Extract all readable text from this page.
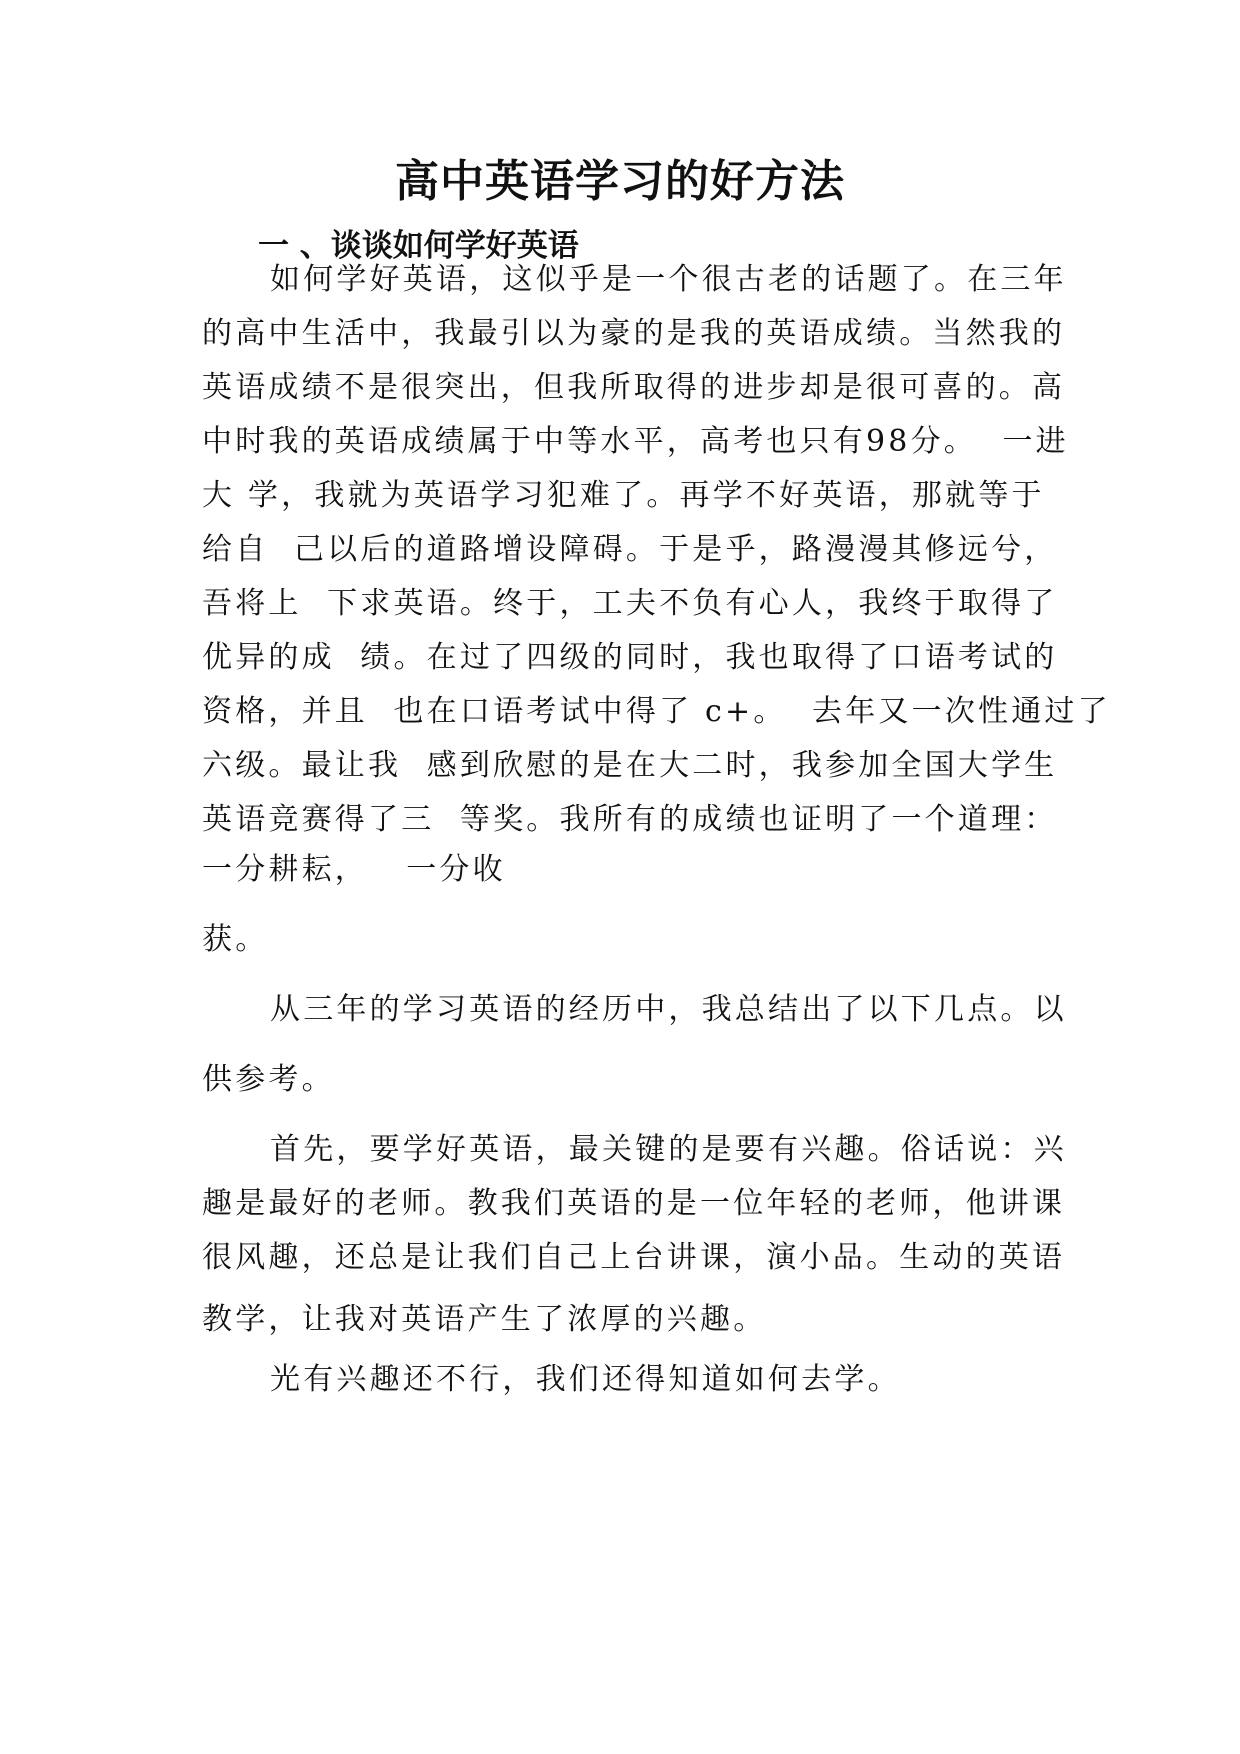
高中英语学习的好方法
一 、谈谈如何学好英语

如何学好英语，这似乎是一个很古老的话题了。在三年

的高中生活中，我最引以为豪的是我的英语成绩。当然我的

英语成绩不是很突出，但我所取得的进步却是很可喜的。高

中时我的英语成绩属于中等水平，高考也只有98分。  一进

大 学，我就为英语学习犯难了。再学不好英语，那就等于

给自  己以后的道路增设障碍。于是乎，路漫漫其修远兮，

吾将上  下求英语。终于，工夫不负有心人，我终于取得了

优异的成  绩。在过了四级的同时，我也取得了口语考试的

资格，并且  也在口语考试中得了 c+。  去年又一次性通过了

六级。最让我  感到欣慰的是在大二时，我参加全国大学生

英语竞赛得了三  等奖。我所有的成绩也证明了一个道理：

一分耕耘，   一分收

获。

从三年的学习英语的经历中，我总结出了以下几点。以

供参考。

首先，要学好英语，最关键的是要有兴趣。俗话说：兴

趣是最好的老师。教我们英语的是一位年轻的老师，他讲课

很风趣，还总是让我们自己上台讲课，演小品。生动的英语

教学，让我对英语产生了浓厚的兴趣。

光有兴趣还不行，我们还得知道如何去学。
